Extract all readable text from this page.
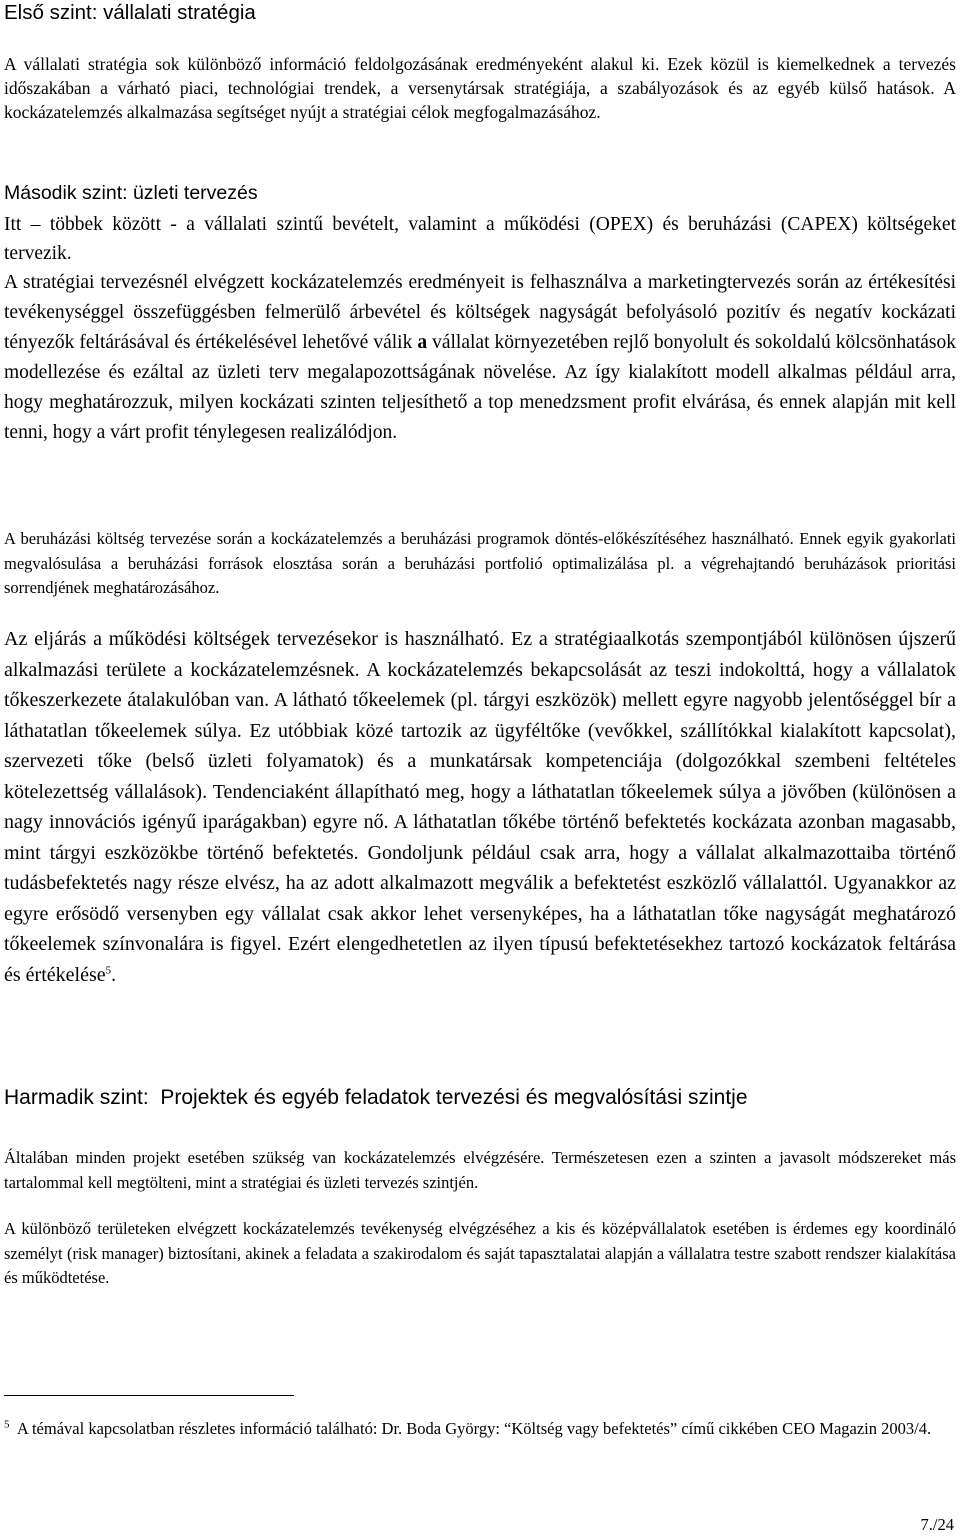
Első szint: vállalati stratégia

A vállalati stratégia sok különböző információ feldolgozásának eredményeként alakul ki. Ezek közül is kiemelkednek a tervezés időszakában a várható piaci, technológiai trendek, a versenytársak stratégiája, a szabályozások és az egyéb külső hatások. A kockázatelemzés alkalmazása segítséget nyújt a stratégiai célok megfogalmazásához.

Második szint: üzleti tervezés

Itt – többek között - a vállalati szintű bevételt, valamint a működési (OPEX) és beruházási (CAPEX) költségeket tervezik.

A stratégiai tervezésnél elvégzett kockázatelemzés eredményeit is felhasználva a marketingtervezés során az értékesítési tevékenységgel összefüggésben felmerülő árbevétel és költségek nagyságát befolyásoló pozitív és negatív kockázati tényezők feltárásával és értékelésével lehetővé válik a vállalat környezetében rejlő bonyolult és sokoldalú kölcsönhatások modellezése és ezáltal az üzleti terv megalapozottságának növelése. Az így kialakított modell alkalmas például arra, hogy meghatározzuk, milyen kockázati szinten teljesíthető a top menedzsment profit elvárása, és ennek alapján mit kell tenni, hogy a várt profit ténylegesen realizálódjon.

A beruházási költség tervezése során a kockázatelemzés a beruházási programok döntés-előkészítéséhez használható. Ennek egyik gyakorlati megvalósulása a beruházási források elosztása során a beruházási portfolió optimalizálása pl. a végrehajtandó beruházások prioritási sorrendjének meghatározásához.

Az eljárás a működési költségek tervezésekor is használható. Ez a stratégiaalkotás szempontjából különösen újszerű alkalmazási területe a kockázatelemzésnek. A kockázatelemzés bekapcsolását az teszi indokolttá, hogy a vállalatok tőkeszerkezete átalakulóban van. A látható tőkeelemek (pl. tárgyi eszközök) mellett egyre nagyobb jelentőséggel bír a láthatatlan tőkeelemek súlya. Ez utóbbiak közé tartozik az ügyféltőke (vevőkkel, szállítókkal kialakított kapcsolat), szervezeti tőke (belső üzleti folyamatok) és a munkatársak kompetenciája (dolgozókkal szembeni feltételes kötelezettség vállalások). Tendenciaként állapítható meg, hogy a láthatatlan tőkeelemek súlya a jövőben (különösen a nagy innovációs igényű iparágakban) egyre nő. A láthatatlan tőkébe történő befektetés kockázata azonban magasabb, mint tárgyi eszközökbe történő befektetés. Gondoljunk például csak arra, hogy a vállalat alkalmazottaiba történő tudásbefektetés nagy része elvész, ha az adott alkalmazott megválik a befektetést eszközlő vállalattól. Ugyanakkor az egyre erősödő versenyben egy vállalat csak akkor lehet versenyképes, ha a láthatatlan tőke nagyságát meghatározó tőkeelemek színvonalára is figyel. Ezért elengedhetetlen az ilyen típusú befektetésekhez tartozó kockázatok feltárása és értékelése$^5$.

Harmadik szint: Projektek és egyéb feladatok tervezési és megvalósítási szintje

Általában minden projekt esetében szükség van kockázatelemzés elvégzésére. Természetesen ezen a szinten a javasolt módszereket más tartalommal kell megtölteni, mint a stratégiai és üzleti tervezés szintjén.

A különböző területeken elvégzett kockázatelemzés tevékenység elvégzéséhez a kis és középvállalatok esetében is érdemes egy koordináló személyt (risk manager) biztosítani, akinek a feladata a szakirodalom és saját tapasztalatai alapján a vállalatra testre szabott rendszer kialakítása és működtetése.

$^5$ A témával kapcsolatban részletes információ található: Dr. Boda György: “Költség vagy befektetés” című cikkében CEO Magazin 2003/4.

7./24
